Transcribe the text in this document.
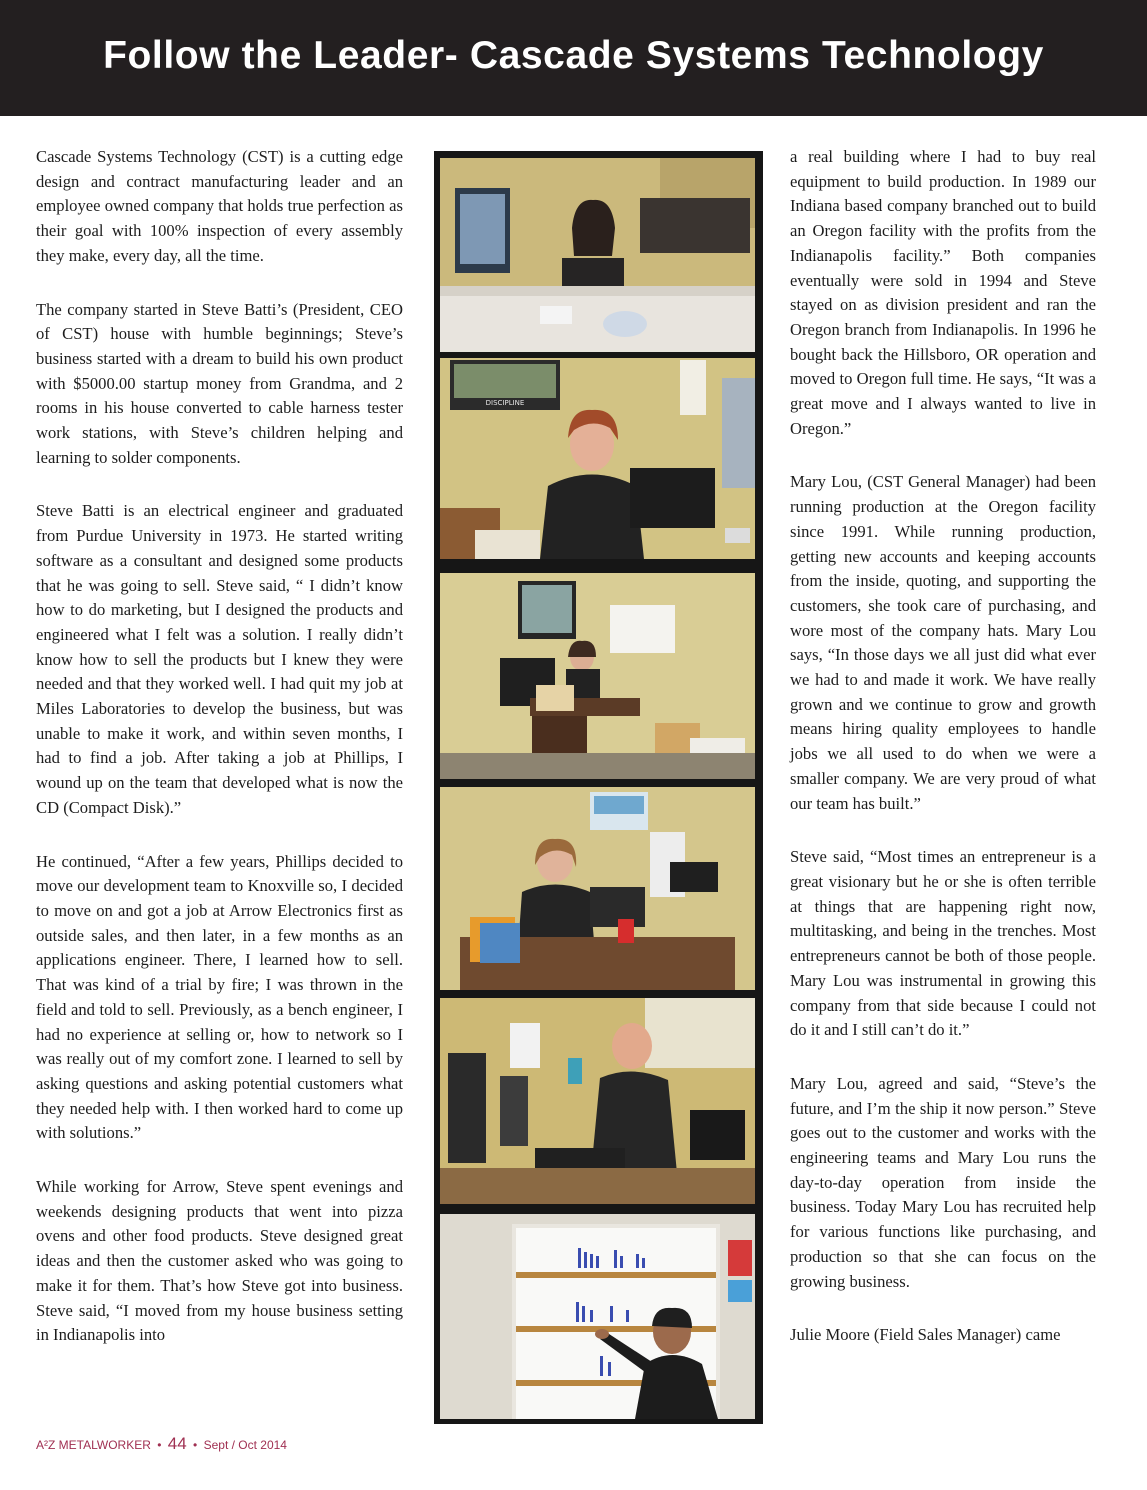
Follow the Leader- Cascade Systems Technology

Cascade Systems Technology (CST) is a cutting edge design and contract manufacturing leader and an employee owned company that holds true perfection as their goal with 100% inspection of every assembly they make, every day, all the time.

The company started in Steve Batti’s (President, CEO of CST) house with humble beginnings; Steve’s business started with a dream to build his own product with $5000.00 startup money from Grandma, and 2 rooms in his house converted to cable harness tester work stations, with Steve’s children helping and learning to solder components.

Steve Batti is an electrical engineer and graduated from Purdue University in 1973. He started writing software as a consultant and designed some products that he was going to sell. Steve said, “ I didn’t know how to do marketing, but I designed the products and engineered what I felt was a solution. I really didn’t know how to sell the products but I knew they were needed and that they worked well. I had quit my job at Miles Laboratories to develop the business, but was unable to make it work, and within seven months, I had to find a job. After taking a job at Phillips, I wound up on the team that developed what is now the CD (Compact Disk).”

He continued, “After a few years, Phillips decided to move our development team to Knoxville so, I decided to move on and got a job at Arrow Electronics first as outside sales, and then later, in a few months as an applications engineer. There, I learned how to sell. That was kind of a trial by fire; I was thrown in the field and told to sell. Previously, as a bench engineer, I had no experience at selling or, how to network so I was really out of my comfort zone. I learned to sell by asking questions and asking potential customers what they needed help with. I then worked hard to come up with solutions.”

While working for Arrow, Steve spent evenings and weekends designing products that went into pizza ovens and other food products. Steve designed great ideas and then the customer asked who was going to make it for them. That’s how Steve got into business. Steve said, “I moved from my house business setting in Indianapolis into

DISCIPLINE

a real building where I had to buy real equipment to build production. In 1989 our Indiana based company branched out to build an Oregon facility with the profits from the Indianapolis facility.” Both companies eventually were sold in 1994 and Steve stayed on as division president and ran the Oregon branch from Indianapolis. In 1996 he bought back the Hillsboro, OR operation and moved to Oregon full time. He says, “It was a great move and I always wanted to live in Oregon.”

Mary Lou, (CST General Manager) had been running production at the Oregon facility since 1991. While running production, getting new accounts and keeping accounts from the inside, quoting, and supporting the customers, she took care of purchasing, and wore most of the company hats. Mary Lou says, “In those days we all just did what ever we had to and made it work. We have really grown and we continue to grow and growth means hiring quality employees to handle jobs we all used to do when we were a smaller company. We are very proud of what our team has built.”

Steve said, “Most times an entrepreneur is a great visionary but he or she is often terrible at things that are happening right now, multitasking, and being in the trenches. Most entrepreneurs cannot be both of those people. Mary Lou was instrumental in growing this company from that side because I could not do it and I still can’t do it.”

Mary Lou, agreed and said, “Steve’s the future, and I’m the ship it now person.” Steve goes out to the customer and works with the engineering teams and Mary Lou runs the day-to-day operation from inside the business. Today Mary Lou has recruited help for various functions like purchasing, and production so that she can focus on the growing business.

Julie Moore (Field Sales Manager) came

A²Z METALWORKER • 44 • Sept / Oct 2014
